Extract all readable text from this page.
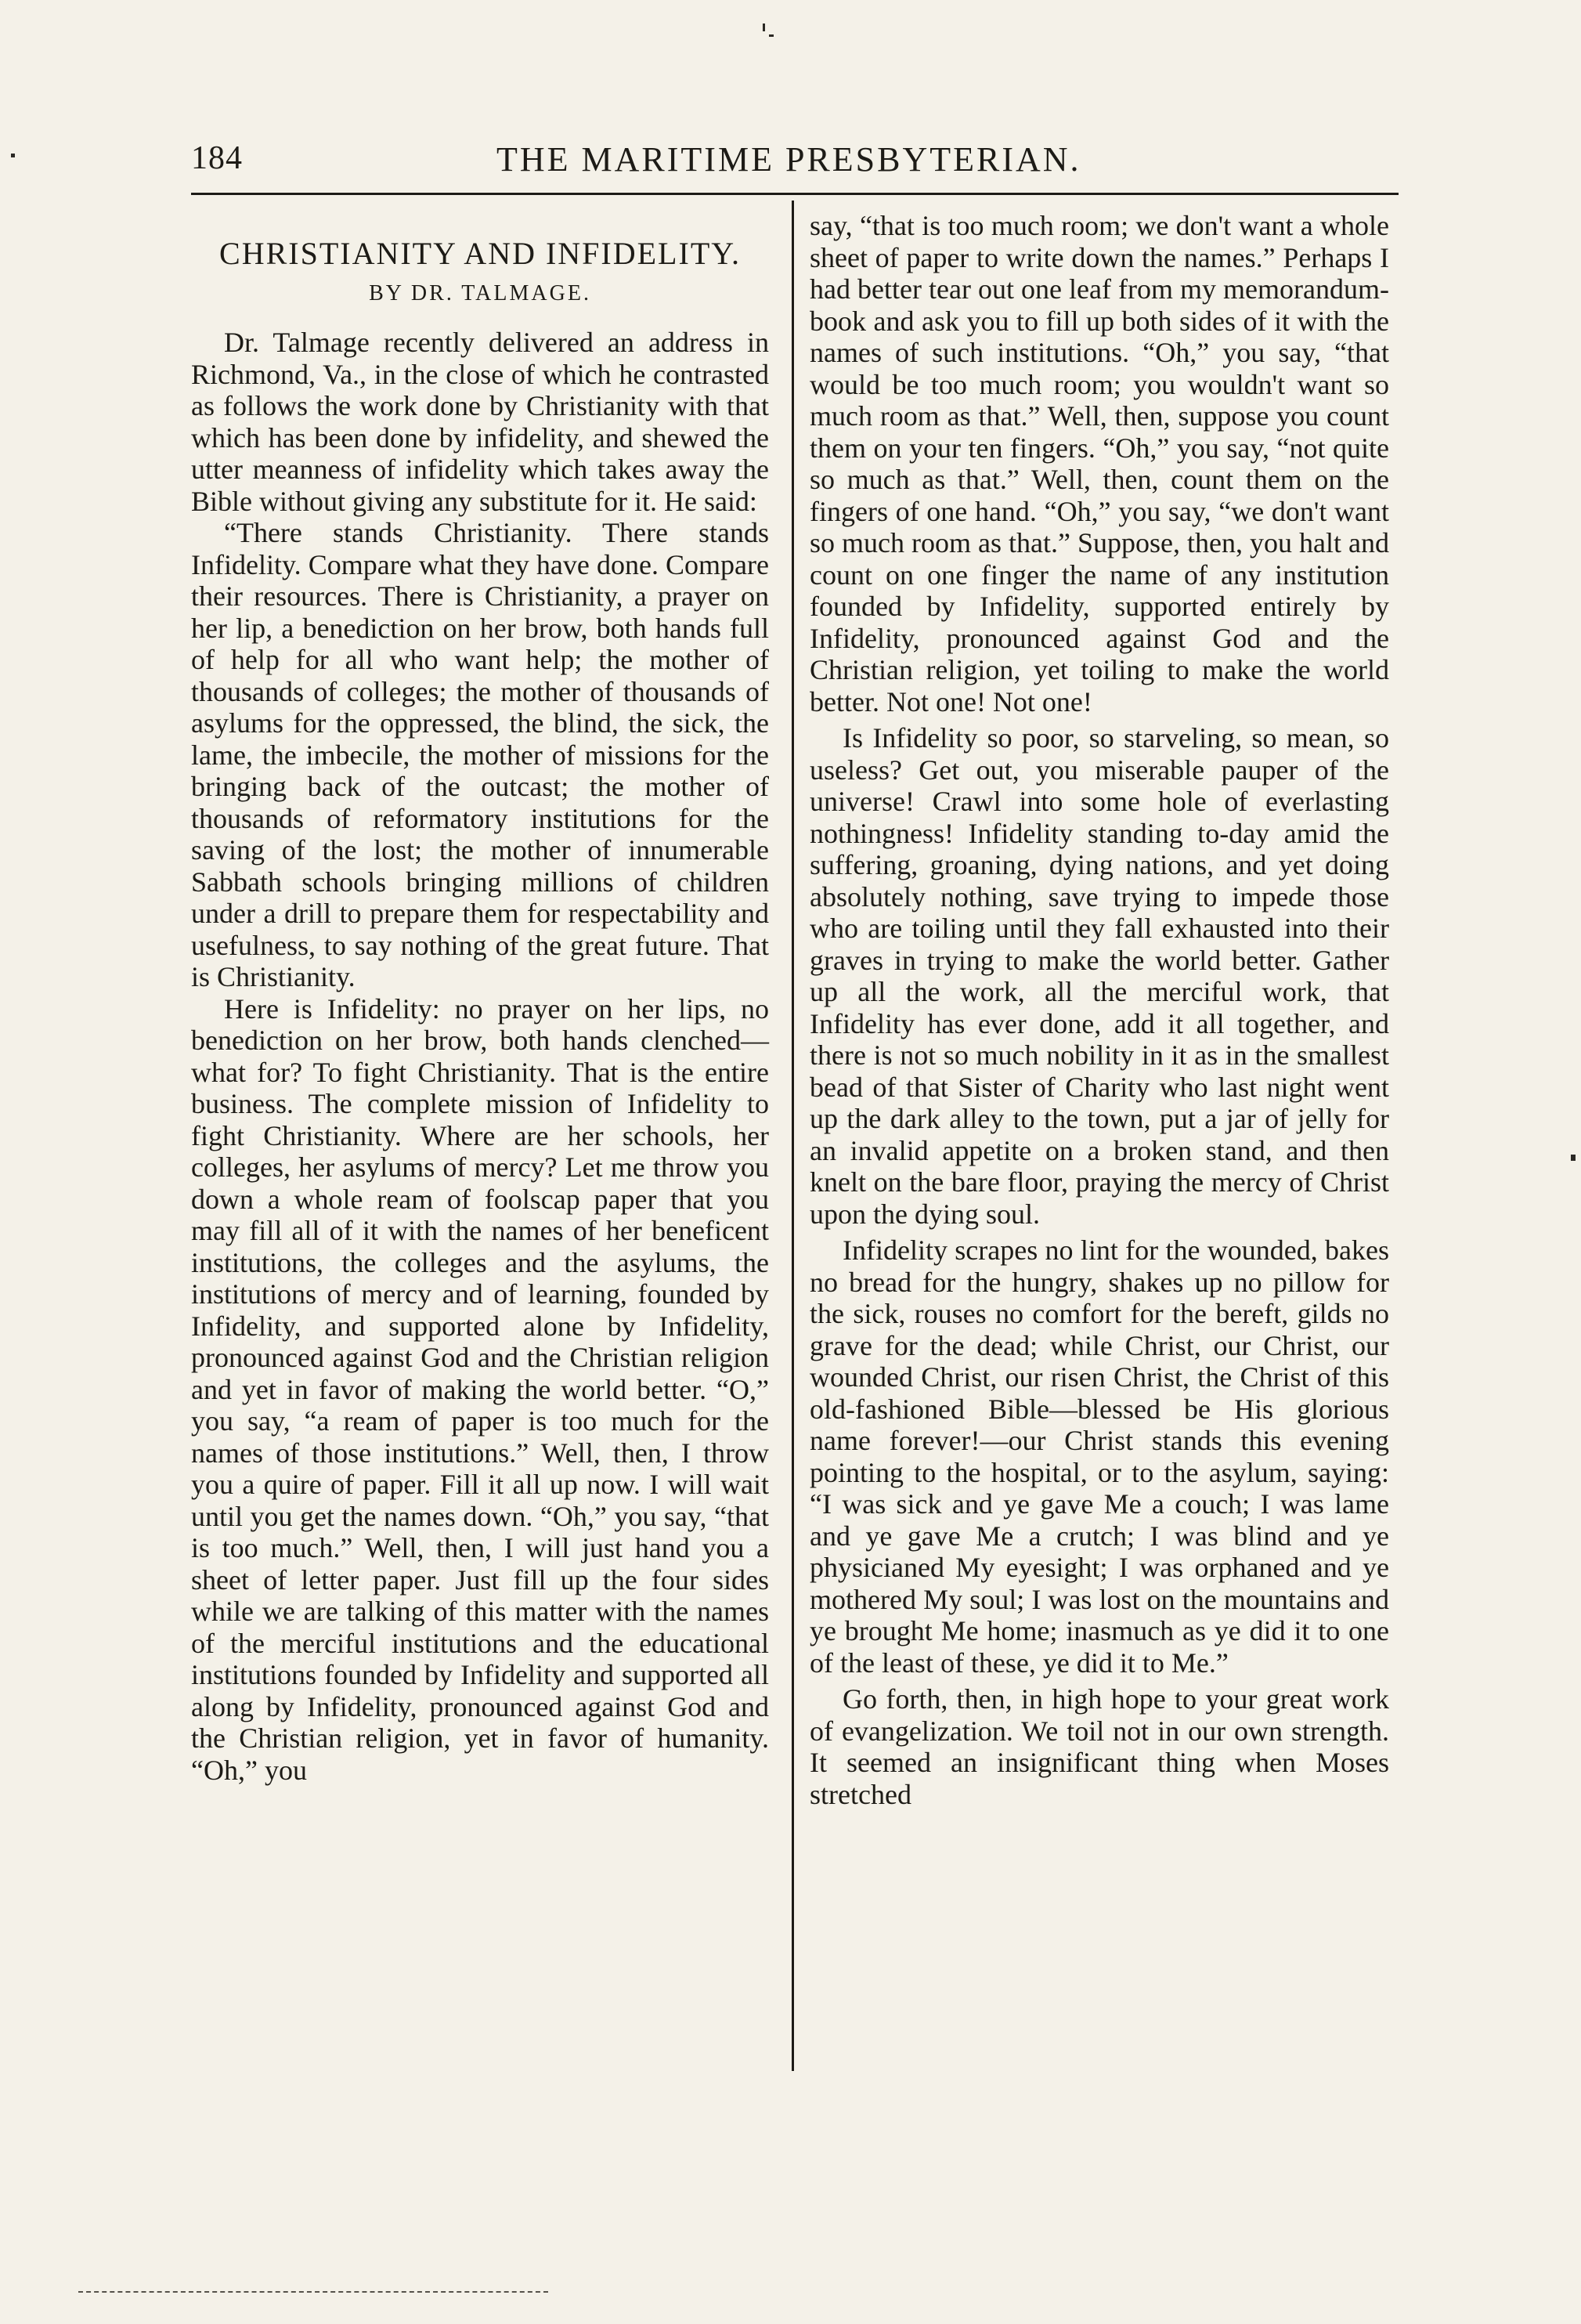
184	THE MARITIME PRESBYTERIAN.
CHRISTIANITY AND INFIDELITY.
BY DR. TALMAGE.

Dr. Talmage recently delivered an address in Richmond, Va., in the close of which he contrasted as follows the work done by Christianity with that which has been done by infidelity, and shewed the utter meanness of infidelity which takes away the Bible without giving any substitute for it. He said:

“There stands Christianity. There stands Infidelity. Compare what they have done. Compare their resources. There is Christianity, a prayer on her lip, a benediction on her brow, both hands full of help for all who want help; the mother of thousands of colleges; the mother of thousands of asylums for the oppressed, the blind, the sick, the lame, the imbecile, the mother of missions for the bringing back of the outcast; the mother of thousands of reformatory institutions for the saving of the lost; the mother of innumerable Sabbath schools bringing millions of children under a drill to prepare them for respectability and usefulness, to say nothing of the great future. That is Christianity.

Here is Infidelity: no prayer on her lips, no benediction on her brow, both hands clenched—what for? To fight Christianity. That is the entire business. The complete mission of Infidelity to fight Christianity. Where are her schools, her colleges, her asylums of mercy? Let me throw you down a whole ream of foolscap paper that you may fill all of it with the names of her beneficent institutions, the colleges and the asylums, the institutions of mercy and of learning, founded by Infidelity, and supported alone by Infidelity, pronounced against God and the Christian religion and yet in favor of making the world better. “O,” you say, “a ream of paper is too much for the names of those institutions.” Well, then, I throw you a quire of paper. Fill it all up now. I will wait until you get the names down. “Oh,” you say, “that is too much.” Well, then, I will just hand you a sheet of letter paper. Just fill up the four sides while we are talking of this matter with the names of the merciful institutions and the educational institutions founded by Infidelity and supported all along by Infidelity, pronounced against God and the Christian religion, yet in favor of humanity. “Oh,” you

say, “that is too much room; we don't want a whole sheet of paper to write down the names.” Perhaps I had better tear out one leaf from my memorandum-book and ask you to fill up both sides of it with the names of such institutions. “Oh,” you say, “that would be too much room; you wouldn't want so much room as that.” Well, then, suppose you count them on your ten fingers. “Oh,” you say, “not quite so much as that.” Well, then, count them on the fingers of one hand. “Oh,” you say, “we don't want so much room as that.” Suppose, then, you halt and count on one finger the name of any institution founded by Infidelity, supported entirely by Infidelity, pronounced against God and the Christian religion, yet toiling to make the world better. Not one! Not one!

Is Infidelity so poor, so starveling, so mean, so useless? Get out, you miserable pauper of the universe! Crawl into some hole of everlasting nothingness! Infidelity standing to-day amid the suffering, groaning, dying nations, and yet doing absolutely nothing, save trying to impede those who are toiling until they fall exhausted into their graves in trying to make the world better. Gather up all the work, all the merciful work, that Infidelity has ever done, add it all together, and there is not so much nobility in it as in the smallest bead of that Sister of Charity who last night went up the dark alley to the town, put a jar of jelly for an invalid appetite on a broken stand, and then knelt on the bare floor, praying the mercy of Christ upon the dying soul.

Infidelity scrapes no lint for the wounded, bakes no bread for the hungry, shakes up no pillow for the sick, rouses no comfort for the bereft, gilds no grave for the dead; while Christ, our Christ, our wounded Christ, our risen Christ, the Christ of this old-fashioned Bible—blessed be His glorious name forever!—our Christ stands this evening pointing to the hospital, or to the asylum, saying: “I was sick and ye gave Me a couch; I was lame and ye gave Me a crutch; I was blind and ye physicianed My eyesight; I was orphaned and ye mothered My soul; I was lost on the mountains and ye brought Me home; inasmuch as ye did it to one of the least of these, ye did it to Me.”

Go forth, then, in high hope to your great work of evangelization. We toil not in our own strength. It seemed an insignificant thing when Moses stretched
